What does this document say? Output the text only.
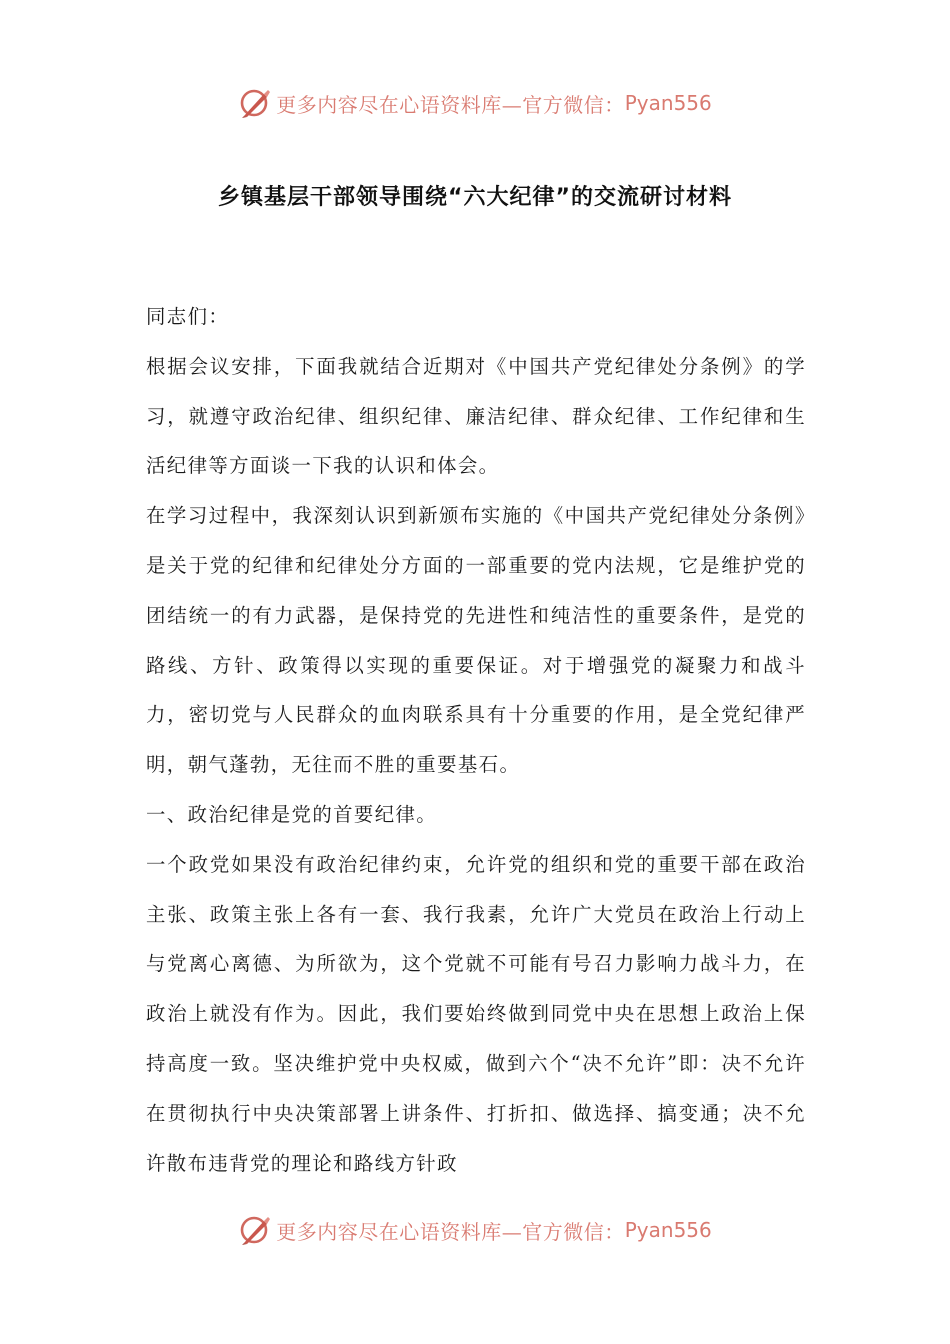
更多内容尽在心语资料库—官方微信： Pyan556
乡镇基层干部领导围绕“六大纪律”的交流研讨材料

同志们：

根据会议安排，下面我就结合近期对《中国共产党纪律处分条例》的学习，就遵守政治纪律、组织纪律、廉洁纪律、群众纪律、工作纪律和生活纪律等方面谈一下我的认识和体会。

在学习过程中，我深刻认识到新颁布实施的《中国共产党纪律处分条例》是关于党的纪律和纪律处分方面的一部重要的党内法规，它是维护党的团结统一的有力武器，是保持党的先进性和纯洁性的重要条件，是党的路线、方针、政策得以实现的重要保证。对于增强党的凝聚力和战斗力，密切党与人民群众的血肉联系具有十分重要的作用，是全党纪律严明，朝气蓬勃，无往而不胜的重要基石。

一、政治纪律是党的首要纪律。

一个政党如果没有政治纪律约束，允许党的组织和党的重要干部在政治主张、政策主张上各有一套、我行我素，允许广大党员在政治上行动上与党离心离德、为所欲为，这个党就不可能有号召力影响力战斗力，在政治上就没有作为。因此，我们要始终做到同党中央在思想上政治上保持高度一致。坚决维护党中央权威，做到六个“决不允许”即：决不允许在贯彻执行中央决策部署上讲条件、打折扣、做选择、搞变通；决不允许散布违背党的理论和路线方针政

更多内容尽在心语资料库—官方微信： Pyan556
